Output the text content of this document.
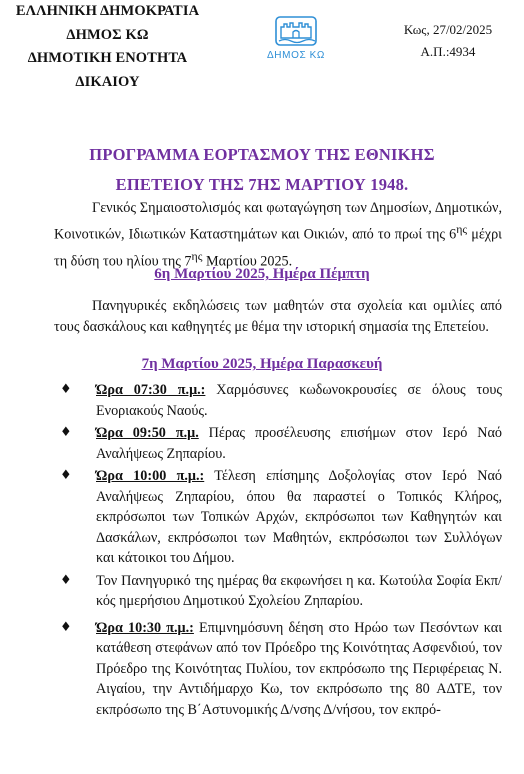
ΕΛΛΗΝΙΚΗ ΔΗΜΟΚΡΑΤΙΑ
ΔΗΜΟΣ ΚΩ
ΔΗΜΟΤΙΚΗ ΕΝΟΤΗΤΑ
ΔΙΚΑΙΟΥ
ΔΗΜΟΣ ΚΩ
Κως, 27/02/2025
Α.Π.:4934
ΠΡΟΓΡΑΜΜΑ ΕΟΡΤΑΣΜΟΥ ΤΗΣ ΕΘΝΙΚΗΣ
ΕΠΕΤΕΙΟΥ ΤΗΣ 7ΗΣ ΜΑΡΤΙΟΥ 1948.
Γενικός Σημαιοστολισμός και φωταγώγηση των Δημοσίων, Δημοτικών, Κοινοτικών, Ιδιωτικών Καταστημάτων και Οικιών, από το πρωί της $6^{\eta\varsigma}$ μέχρι τη δύση του ηλίου της $7^{\eta\varsigma}$ Μαρτίου 2025.
6η Μαρτίου 2025, Ημέρα Πέμπτη
Πανηγυρικές εκδηλώσεις των μαθητών στα σχολεία και ομιλίες από τους δασκάλους και καθηγητές με θέμα την ιστορική σημασία της Επετείου.
7η Μαρτίου 2025, Ημέρα Παρασκευή
♦ Ώρα 07:30 π.μ.: Χαρμόσυνες κωδωνοκρουσίες σε όλους τους Ενοριακούς Ναούς.
♦ Ώρα 09:50 π.μ. Πέρας προσέλευσης επισήμων στον Ιερό Ναό Αναλήψεως Ζηπαρίου.
♦ Ώρα 10:00 π.μ.: Τέλεση επίσημης Δοξολογίας στον Ιερό Ναό Αναλήψεως Ζηπαρίου, όπου θα παραστεί ο Τοπικός Κλήρος, εκπρόσωποι των Τοπικών Αρχών, εκπρόσωποι των Καθηγητών και Δασκάλων, εκπρόσωποι των Μαθητών, εκπρόσωποι των Συλλόγων και κάτοικοι του Δήμου.
♦ Τον Πανηγυρικό της ημέρας θα εκφωνήσει η κα. Κωτούλα Σοφία Εκπ/κός ημερήσιου Δημοτικού Σχολείου Ζηπαρίου.
♦ Ώρα 10:30 π.μ.: Επιμνημόσυνη δέηση στο Ηρώο των Πεσόντων και κατάθεση στεφάνων από τον Πρόεδρο της Κοινότητας Ασφενδιού, τον Πρόεδρο της Κοινότητας Πυλίου, τον εκπρόσωπο της Περιφέρειας Ν. Αιγαίου, την Αντιδήμαρχο Κω, τον εκπρόσωπο της 80 ΑΔΤΕ, τον εκπρόσωπο της Β΄Αστυνομικής Δ/νσης Δ/νήσου, τον εκπρό-
